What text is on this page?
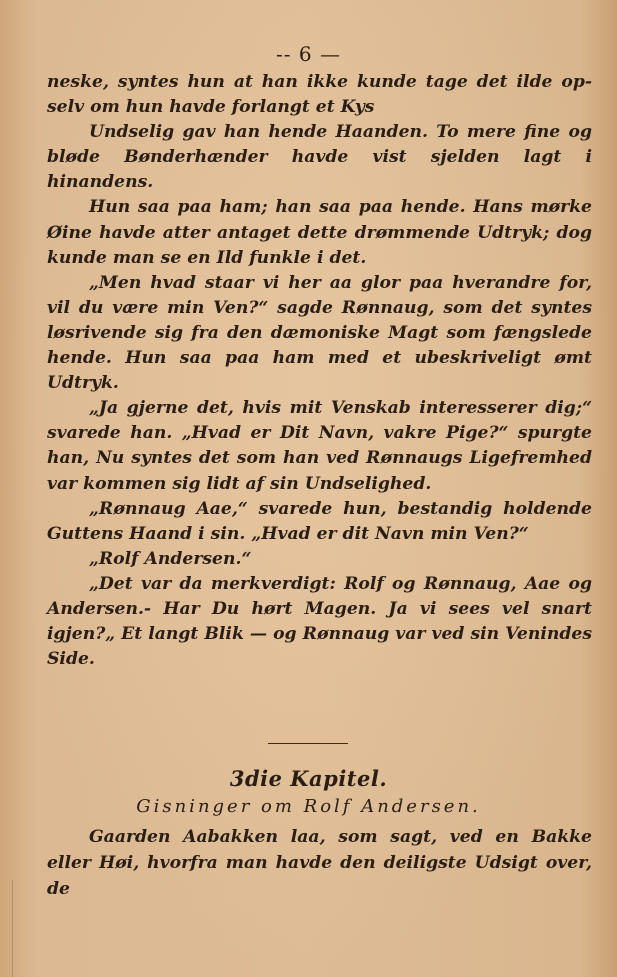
-- 6 —

neske, syntes hun at han ikke kunde tage det ilde op-selv om hun havde forlangt et Kys

Undselig gav han hende Haanden. To mere fine og bløde Bønderhænder havde vist sjelden lagt i hinandens.

Hun saa paa ham; han saa paa hende. Hans mørke Øine havde atter antaget dette drømmende Udtryk; dog kunde man se en Ild funkle i det.

„Men hvad staar vi her aa glor paa hverandre for, vil du være min Ven?“ sagde Rønnaug, som det syntes løsrivende sig fra den dæmoniske Magt som fængslede hende. Hun saa paa ham med et ubeskriveligt ømt Udtryk.

„Ja gjerne det, hvis mit Venskab interesserer dig;“ svarede han. „Hvad er Dit Navn, vakre Pige?“ spurgte han, Nu syntes det som han ved Rønnaugs Ligefremhed var kommen sig lidt af sin Undselighed.

„Rønnaug Aae,“ svarede hun, bestandig holdende Guttens Haand i sin. „Hvad er dit Navn min Ven?“

„Rolf Andersen.“

„Det var da merkverdigt: Rolf og Rønnaug, Aae og Andersen.- Har Du hørt Magen. Ja vi sees vel snart igjen?„ Et langt Blik — og Rønnaug var ved sin Venindes Side.

3die Kapitel.
Gisninger om Rolf Andersen.

Gaarden Aabakken laa, som sagt, ved en Bakke eller Høi, hvorfra man havde den deiligste Udsigt over, de
